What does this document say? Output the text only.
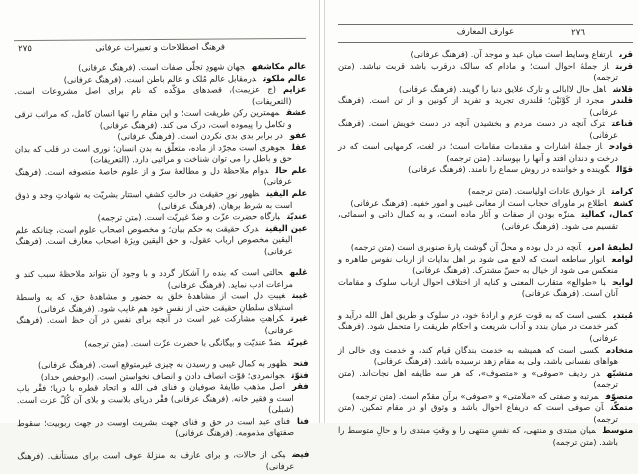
٢٧٥	فرهنگ اصطلاحات و تعبیرات عرفانی

عالم مکاشفهجهان شهودِ تجلّی صفات است. (فرهنگ عرفانی)

عالم ملکوتدرمقابل عالم مُلک و عالم باطن است. (فرهنگ عرفانی)

عزایم(ج عزیمت)، قصدهای مؤکّده که نام برای اصل مشروعات است. (التعریفات)

عشقمهمترین رکن طریقت است؛ و این مقام را تنها انسان کامل، که مراتب ترقی و تکامل را پیموده است، درک می کند. (فرهنگ عرفانی)

عفودر برابر بدی بدی نکردن است. (فرهنگ عرفانی)

عقلجوهری است مجرّد از ماده، متعلّق به بدن انسان؛ نوری است در قلب که بدان حق و باطل را می توان شناخت و مرائیی دارد. (التعریفات)

علم حالدوام ملاحظهٔ دل و مطالعهٔ سرّ و از علوم خاصهٔ متصوفه است. (فرهنگ عرفانی)

علم الیقینظهور نورِ حقیقت در حالتِ کشفِ استتار بشریّت به شهادتِ وجد و ذوق است به شرط برهان. (فرهنگ عرفانی)

عندیّتبارگاه حضرت عزّت و ضدّ غیریّت است. (متن ترجمه)

عین الیقیندرک حقیقت به حکم بیان؛ و مخصوص اصحاب علوم است، چنانکه علم الیقین مخصوص ارباب عقول، و حق الیقین ویژهٔ اصحاب معارف است. (فرهنگ عرفانی)

غلبهحالتی است که بنده را آشکار گردد و با وجود آن نتواند ملاحظهٔ سبب کند و مراعات ادب نماید. (فرهنگ عرفانی)

غیبتغیبتِ دل است از مشاهدهٔ خلق به حضور و مشاهدهٔ حق، که به واسطهٔ استیلای سلطانِ حقیقت حتی از نفس خود هم غایب شود. (فرهنگ عرفانی)

غیرتکراهتِ مشارکت غیر است در آنچه برای نفس در آن حظ است. (فرهنگ عرفانی)

غیریّتضدّ عندیّت و بیگانگی با حضرت عزّت است. (متن ترجمه)

فتحظهور به کمال غیبی و رسیدن به چیزی غیرمتوقع است. (فرهنگ عرفانی)

فتوّتجوانمردی؛ قوّت انصاف دادن و انصاف نخواستن است. (ابوحفص حداد)

فقراصل مذهب طایفهٔ صوفیان و فنای فی الله و اتحاد قطره با دریا؛ فقْر باب است و فقیر خانه. (فرهنگ عرفانی) فقْر دریای بلاست و بلای آن کُلّ عزت است. (شبلی)

فنافنای عبد است در حق و فنای جهت بشریت اوست در جهت ربوبیت؛ سقوط صفتهای مذمومه. (فرهنگ عرفانی)

فیضیکی از حالات، و برای عارف به منزلهٔ عوف است برای مستأنف. (فرهنگ عرفانی)

٢٧٦
عوارف المعارف

قربارتفاع وسایط است میان عبد و موجد آن. (فرهنگ عرفانی)

قربتاز جملهٔ احوال است؛ و مادام که سالک درقرب باشد قربت نباشد. (متن ترجمه)

قلاشاهل حال لاابالی و تارک علایق دنیا را گویند. (فرهنگ عرفانی)

قلندرمجرد از کَوْنَیْن؛ قلندری تجرید و تفرید از کونین و از تن است. (فرهنگ عرفانی)

قناعتترک آنچه در دست مردم و بخشیدن آنچه در دست خویش است. (فرهنگ عرفانی)

قوادحاز جملهٔ اشارات و مقدمات مقامات است؛ در لغت، کرمهایی است که در درخت و دندان افتد و آنها را بپوساند. (متن ترجمه)

قوّالگوینده و خواننده در روش سماع را نامند. (فرهنگ عرفانی)

کرامتاز خوارق عادات اولیاست. (متن ترجمه)

کشفاطلاع بر ماورای حجاب است از معانی غیبی و امور خفیه. (فرهنگ عرفانی)

کمال، کمالیتمنزّه بودن از صفات و آثار ماده است، و به کمال ذاتی و اسمائی، تقسیم می شود. (فرهنگ عرفانی)

لطیفهٔ امریآنچه در دل بوده و محلّ آن گوشت پارهٔ صنوبری است (متن ترجمه)

لوامعانوار ساطعه است که لامع می شود بر اهل بدایات از ارباب نفوس طاهره و منعکس می شود از خیال به حسّ مشترک. (فرهنگ عرفانی)

لوایحبا «طوالع» متقارب المعنی و کنایه از اختلاف احوال ارباب سلوک و مقامات آنان است. (فرهنگ عرفانی)

مُبتدیکسی است که به قوت عزم و ارادهٔ خود، در سلوک و طریق اهل الله درآید و کمر خدمت در میان بندد و آداب شریعت و احکام طریقت را متحمل شود. (فرهنگ عرفانی)

متخادمکسی است که همیشه به خدمت بندگان قیام کند، و خدمت وی خالی از هواهای نفسانی باشد، ولی به مقام زهد نرسیده باشد. (فرهنگ عرفانی)

متشبّهدر ردیف «صوفی» و «متصوف»، که هر سه طایفه اهل نجات‌اند. (متن ترجمه)

متصوّفمرتبه و صفتی که «ملامتی» و «صوفی» برآن مقدّم است. (متن ترجمه)

متمکّنآن صوفی است که دریفاع احوال باشد و وثوق او در مقام تمکین. (متن ترجمه)

متوسطمیان مبتدی و منتهی، که نفسِ منتهی را و وقتِ مبتدی را و حالِ متوسط را باشد. (متن ترجمه)
